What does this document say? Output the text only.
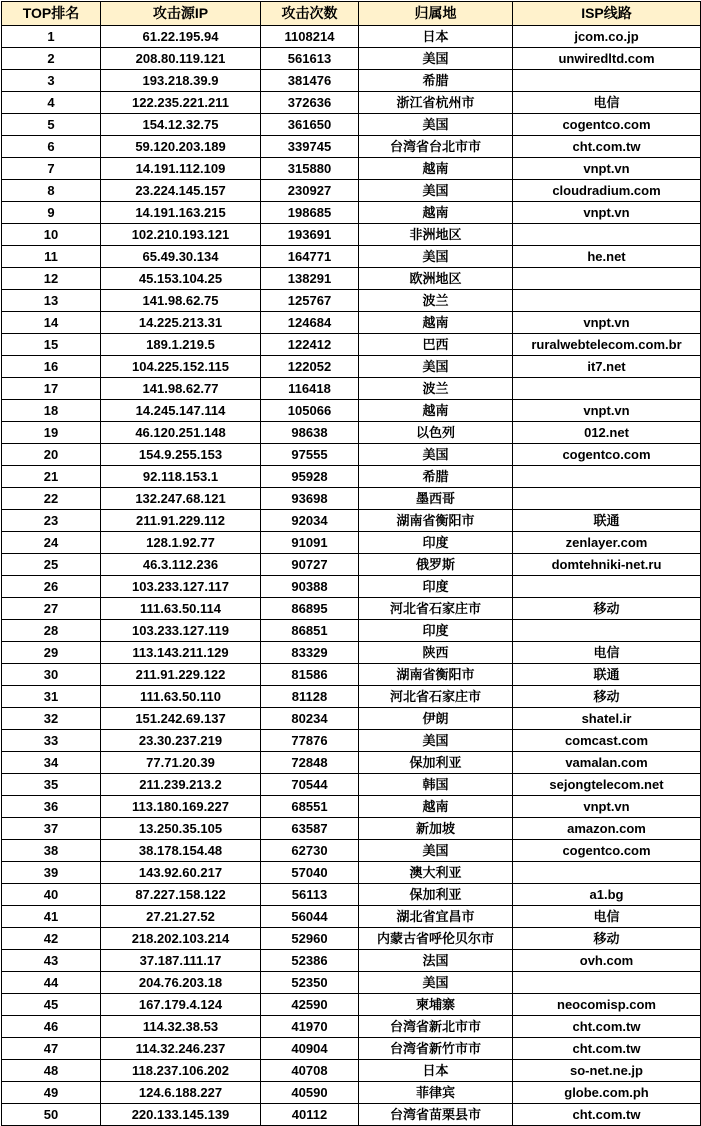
TOP排名	攻击源IP	攻击次数	归属地	ISP线路
1	61.22.195.94	1108214	日本	jcom.co.jp
2	208.80.119.121	561613	美国	unwiredltd.com
3	193.218.39.9	381476	希腊	
4	122.235.221.211	372636	浙江省杭州市	电信
5	154.12.32.75	361650	美国	cogentco.com
6	59.120.203.189	339745	台湾省台北市市	cht.com.tw
7	14.191.112.109	315880	越南	vnpt.vn
8	23.224.145.157	230927	美国	cloudradium.com
9	14.191.163.215	198685	越南	vnpt.vn
10	102.210.193.121	193691	非洲地区	
11	65.49.30.134	164771	美国	he.net
12	45.153.104.25	138291	欧洲地区	
13	141.98.62.75	125767	波兰	
14	14.225.213.31	124684	越南	vnpt.vn
15	189.1.219.5	122412	巴西	ruralwebtelecom.com.br
16	104.225.152.115	122052	美国	it7.net
17	141.98.62.77	116418	波兰	
18	14.245.147.114	105066	越南	vnpt.vn
19	46.120.251.148	98638	以色列	012.net
20	154.9.255.153	97555	美国	cogentco.com
21	92.118.153.1	95928	希腊	
22	132.247.68.121	93698	墨西哥	
23	211.91.229.112	92034	湖南省衡阳市	联通
24	128.1.92.77	91091	印度	zenlayer.com
25	46.3.112.236	90727	俄罗斯	domtehniki-net.ru
26	103.233.127.117	90388	印度	
27	111.63.50.114	86895	河北省石家庄市	移动
28	103.233.127.119	86851	印度	
29	113.143.211.129	83329	陕西	电信
30	211.91.229.122	81586	湖南省衡阳市	联通
31	111.63.50.110	81128	河北省石家庄市	移动
32	151.242.69.137	80234	伊朗	shatel.ir
33	23.30.237.219	77876	美国	comcast.com
34	77.71.20.39	72848	保加利亚	vamalan.com
35	211.239.213.2	70544	韩国	sejongtelecom.net
36	113.180.169.227	68551	越南	vnpt.vn
37	13.250.35.105	63587	新加坡	amazon.com
38	38.178.154.48	62730	美国	cogentco.com
39	143.92.60.217	57040	澳大利亚	
40	87.227.158.122	56113	保加利亚	a1.bg
41	27.21.27.52	56044	湖北省宜昌市	电信
42	218.202.103.214	52960	内蒙古省呼伦贝尔市	移动
43	37.187.111.17	52386	法国	ovh.com
44	204.76.203.18	52350	美国	
45	167.179.4.124	42590	柬埔寨	neocomisp.com
46	114.32.38.53	41970	台湾省新北市市	cht.com.tw
47	114.32.246.237	40904	台湾省新竹市市	cht.com.tw
48	118.237.106.202	40708	日本	so-net.ne.jp
49	124.6.188.227	40590	菲律宾	globe.com.ph
50	220.133.145.139	40112	台湾省苗栗县市	cht.com.tw
